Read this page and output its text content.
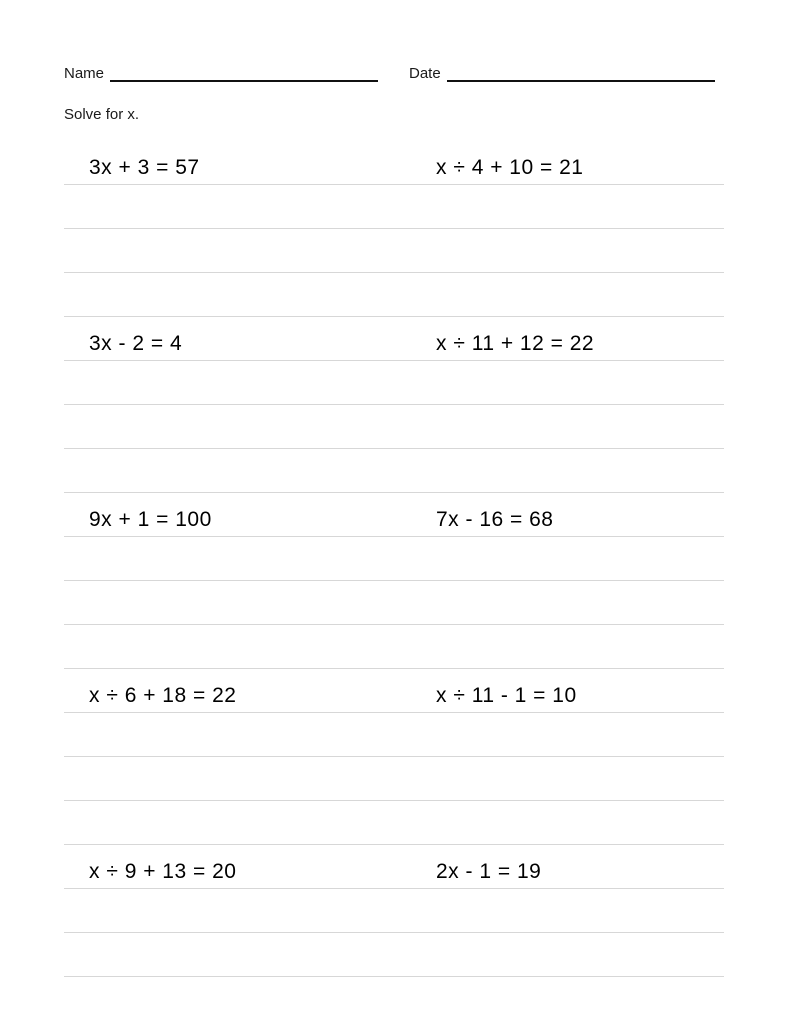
Name	Date
Solve for x.
3x + 3 = 57	x ÷ 4 + 10 = 21
3x - 2 = 4	x ÷ 11 + 12 = 22
9x + 1 = 100	7x - 16 = 68
x ÷ 6 + 18 = 22	x ÷ 11 - 1 = 10
x ÷ 9 + 13 = 20	2x - 1 = 19
